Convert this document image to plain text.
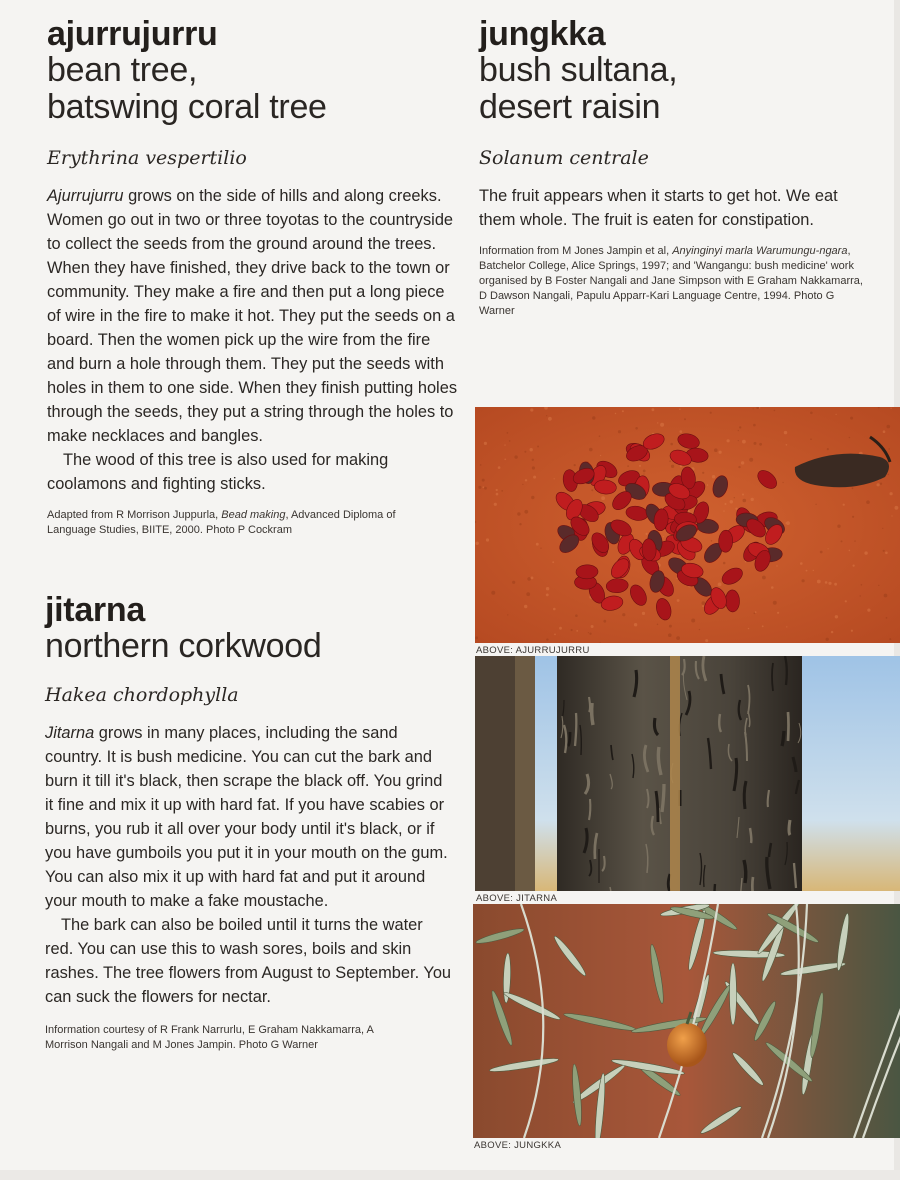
ajurrujurru
bean tree,
batswing coral tree
Erythrina vespertilio

Ajurrujurru grows on the side of hills and along creeks. Women go out in two or three toyotas to the countryside to collect the seeds from the ground around the trees. When they have finished, they drive back to the town or community. They make a fire and then put a long piece of wire in the fire to make it hot. They put the seeds on a board. Then the women pick up the wire from the fire and burn a hole through them. They put the seeds with holes in them to one side. When they finish putting holes through the seeds, they put a string through the holes to make necklaces and bangles.

The wood of this tree is also used for making coolamons and fighting sticks.

Adapted from R Morrison Juppurla, Bead making, Advanced Diploma of Language Studies, BIITE, 2000. Photo P Cockram
jitarna
northern corkwood
Hakea chordophylla

Jitarna grows in many places, including the sand country. It is bush medicine. You can cut the bark and burn it till it's black, then scrape the black off. You grind it fine and mix it up with hard fat. If you have scabies or burns, you rub it all over your body until it's black, or if you have gumboils you put it in your mouth on the gum. You can also mix it up with hard fat and put it around your mouth to make a fake moustache.

The bark can also be boiled until it turns the water red. You can use this to wash sores, boils and skin rashes. The tree flowers from August to September. You can suck the flowers for nectar.

Information courtesy of R Frank Narrurlu, E Graham Nakkamarra, A Morrison Nangali and M Jones Jampin. Photo G Warner
jungkka
bush sultana,
desert raisin
Solanum centrale

The fruit appears when it starts to get hot. We eat them whole. The fruit is eaten for constipation.

Information from M Jones Jampin et al, Anyinginyi marla Warumungu-ngara, Batchelor College, Alice Springs, 1997; and 'Wangangu: bush medicine' work organised by B Foster Nangali and Jane Simpson with E Graham Nakkamarra, D Dawson Nangali, Papulu Apparr-Kari Language Centre, 1994. Photo G Warner
ABOVE: AJURRUJURRU
ABOVE: JITARNA
ABOVE: JUNGKKA
